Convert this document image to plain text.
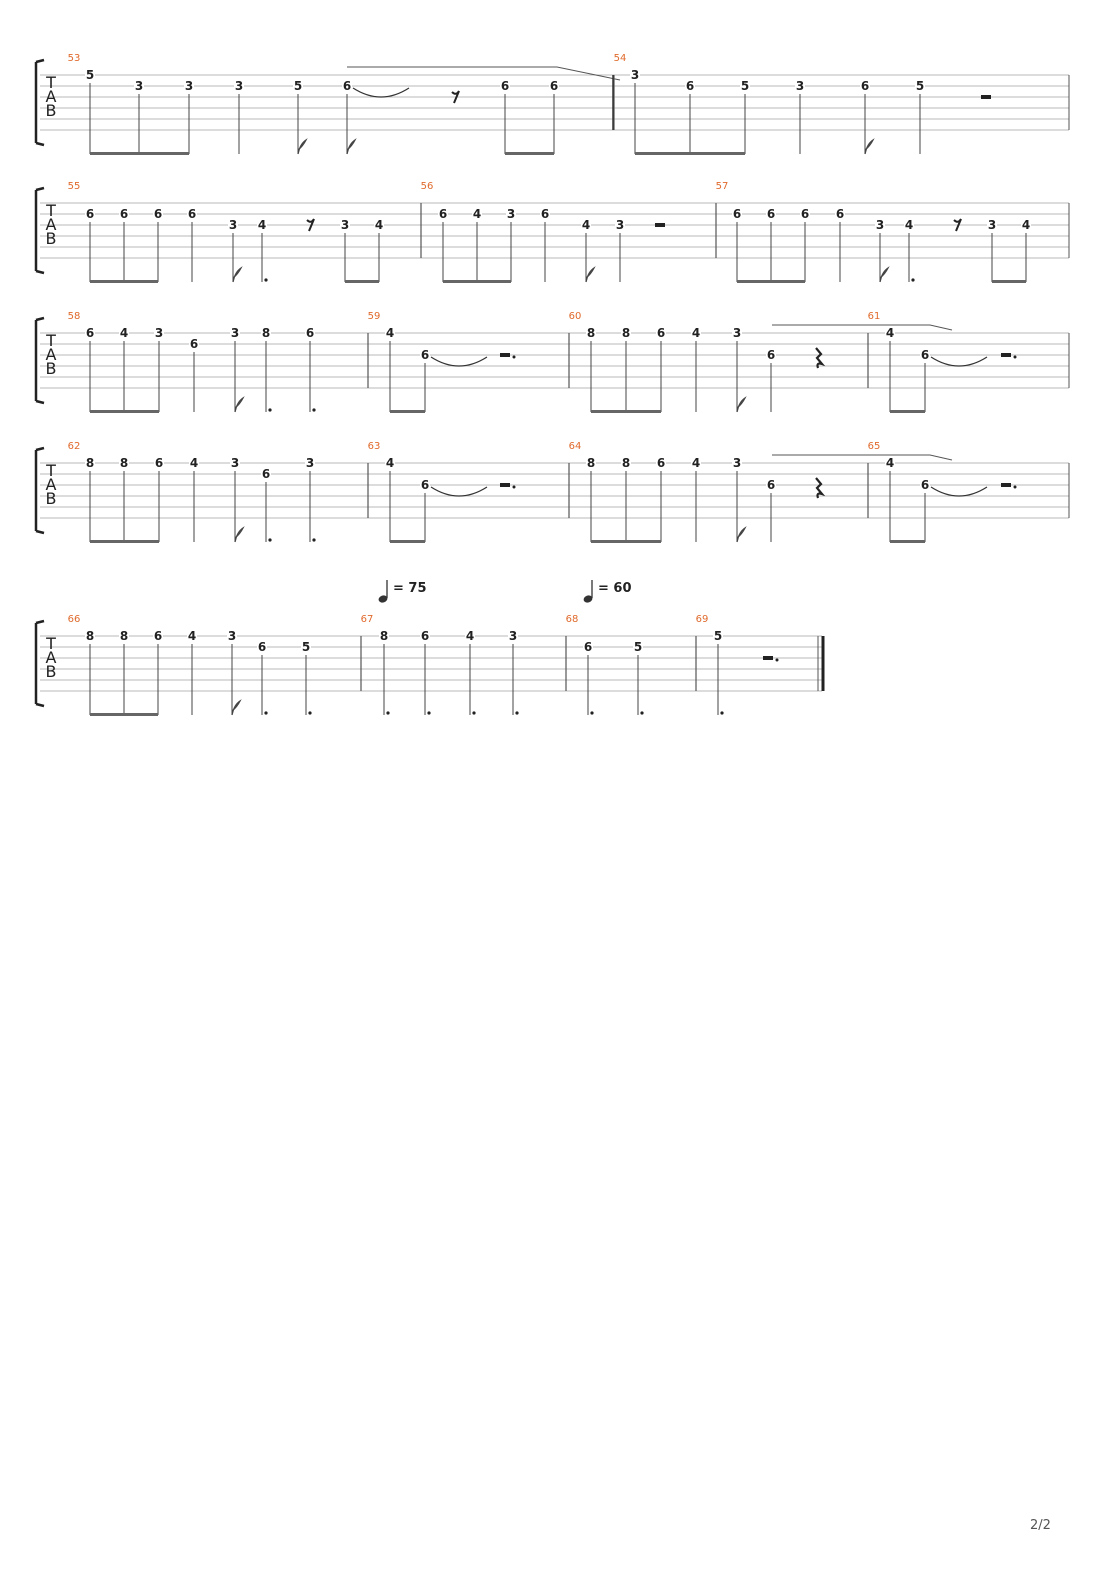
T
A
B
53
5
3	3	3	5	6	6	6
54
3
6	5	3	6	5
T
A
B
55
6 6 6 6
3 4	3 4
56
6 4 3 6
4 3
57
6 6 6 6
3 4	3 4
T
A
B
58
6 4 3
6
3 8	6
59
4
6
60
8 8 6 4	3
6
61
4
6
T
A
B
62
8 8 6 4	3
6
3
63
4
6
64
8 8 6 4	3
6
65
4
6
T
A
B
66
8 8 6 4	3
6	5
67
8	6	4	3
68
6	5
69
5
= 75	= 60
2/2
